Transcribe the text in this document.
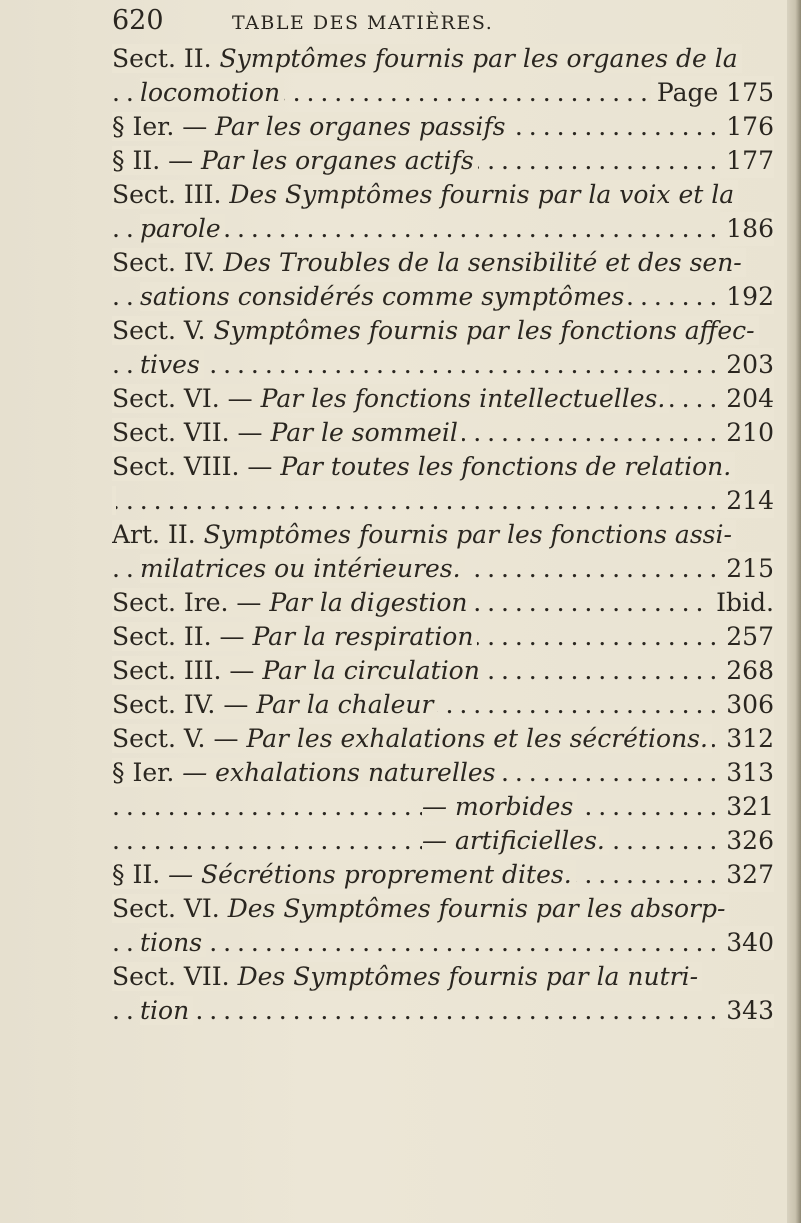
620	TABLE DES MATIÈRES.
Sect. II. Symptômes fournis par les organes de la
. . .
locomotion	Page 175
. . .
§ Ier. — Par les organes passifs	176
. . .
§ II. — Par les organes actifs	177
Sect. III. Des Symptômes fournis par la voix et la
. . .
parole	186
Sect. IV. Des Troubles de la sensibilité et des sen-
. . .
sations considérés comme symptômes	192
Sect. V. Symptômes fournis par les fonctions affec-
. . .
tives	203
. . .
Sect. VI. — Par les fonctions intellectuelles. 204
. . .
Sect. VII. — Par le sommeil	210
Sect. VIII. — Par toutes les fonctions de relation.
. . .
214
Art. II. Symptômes fournis par les fonctions assi-
. . .
milatrices ou intérieures.	215
. . .
Sect. Ire. — Par la digestion	Ibid.
. . .
Sect. II. — Par la respiration	257
. . .
Sect. III. — Par la circulation	268
. . .
Sect. IV. — Par la chaleur	306
. . .
Sect. V. — Par les exhalations et les sécrétions. 312
. . .
§ Ier. — exhalations naturelles	313
. . .
— morbides	321
. . .
— artificielles.	326
. . .
§ II. — Sécrétions proprement dites.	327
Sect. VI. Des Symptômes fournis par les absorp-
. . .
tions	340
Sect. VII. Des Symptômes fournis par la nutri-
. . .
tion	343
